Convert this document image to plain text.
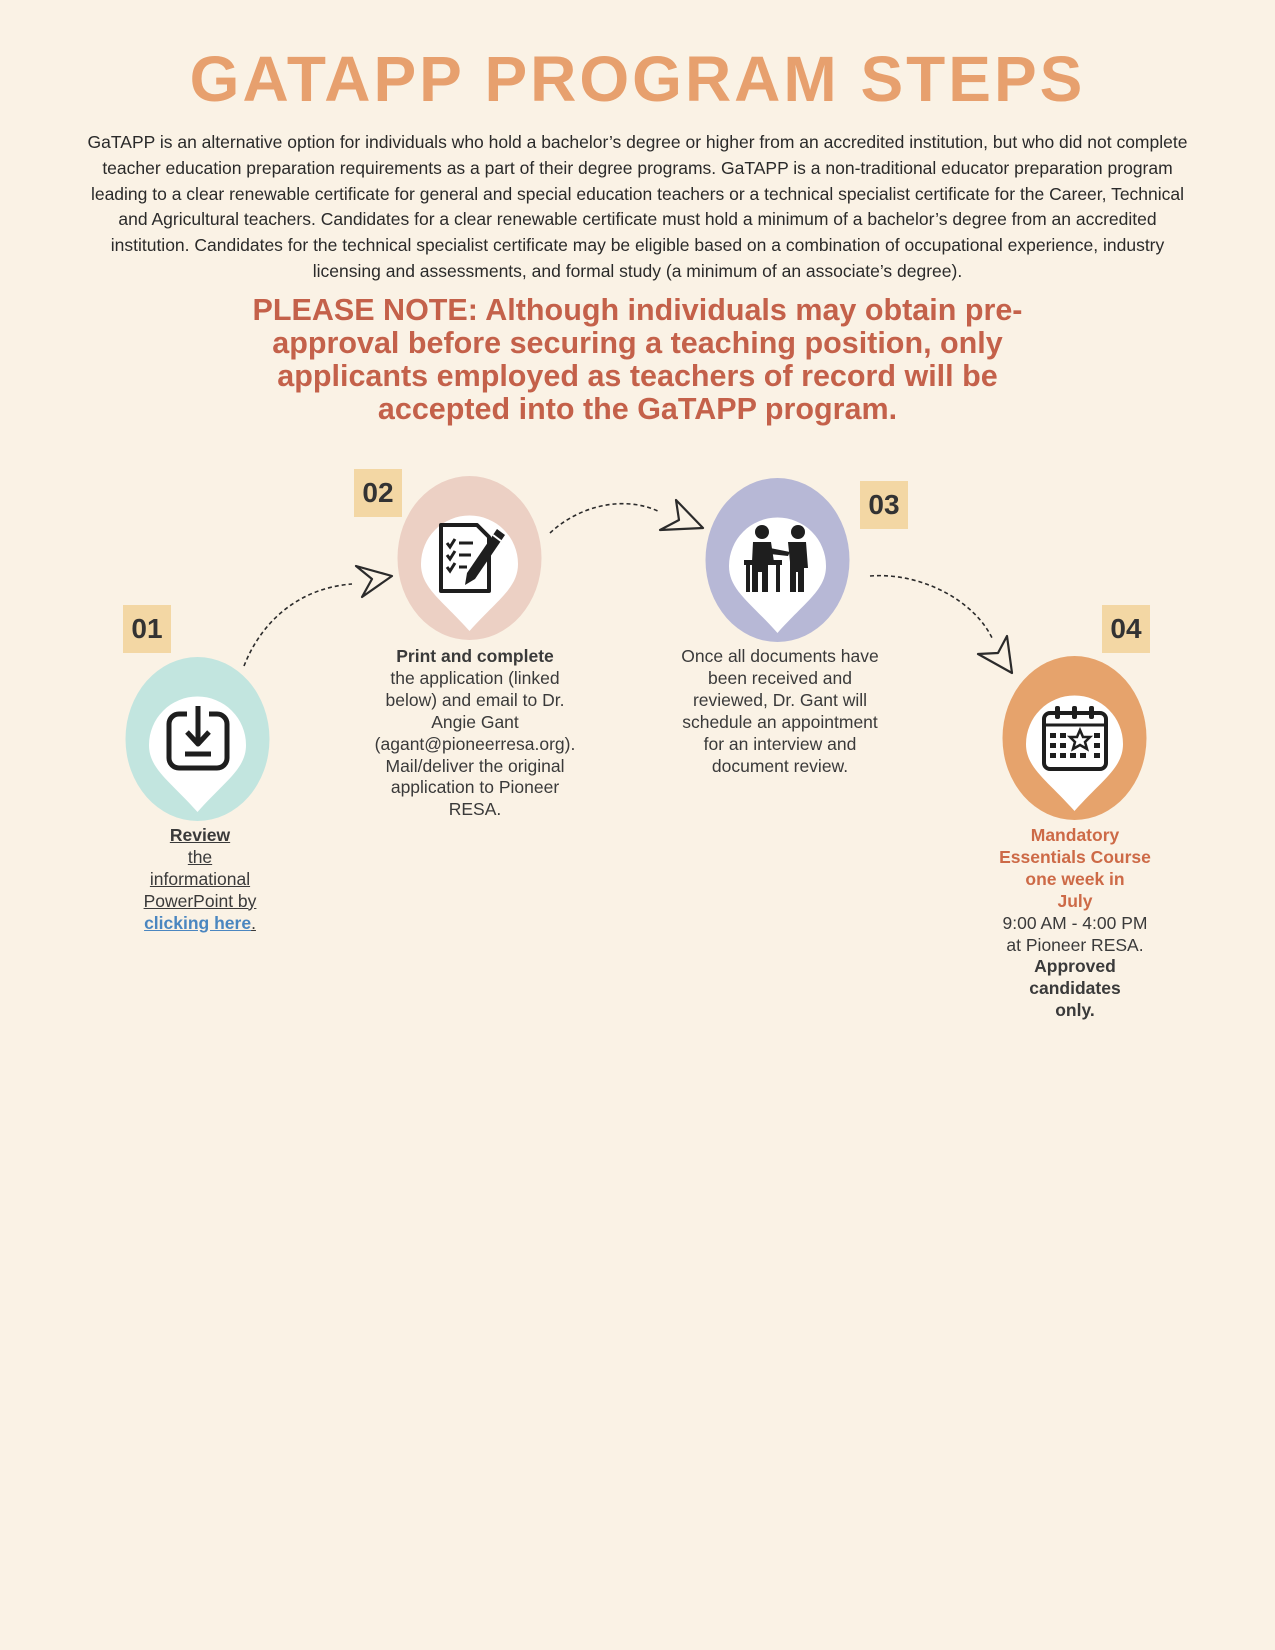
GATAPP PROGRAM STEPS
GaTAPP is an alternative option for individuals who hold a bachelor’s degree or higher from an accredited institution, but who did not complete
teacher education preparation requirements as a part of their degree programs. GaTAPP is a non-traditional educator preparation program
leading to a clear renewable certificate for general and special education teachers or a technical specialist certificate for the Career, Technical
and Agricultural teachers. Candidates for a clear renewable certificate must hold a minimum of a bachelor’s degree from an accredited
institution. Candidates for the technical specialist certificate may be eligible based on a combination of occupational experience, industry
licensing and assessments, and formal study (a minimum of an associate’s degree).
PLEASE NOTE: Although individuals may obtain pre-
approval before securing a teaching position, only
applicants employed as teachers of record will be
accepted into the GaTAPP program.
01
Review
the
informational
PowerPoint by
clicking here.
02
Print and complete
the application (linked
below) and email to Dr.
Angie Gant
(agant@pioneerresa.org).
Mail/deliver the original
application to Pioneer
RESA.
03
Once all documents have
been received and
reviewed, Dr. Gant will
schedule an appointment
for an interview and
document review.
04
Mandatory
Essentials Course
one week in
July
9:00 AM - 4:00 PM
at Pioneer RESA.
Approved
candidates
only.
